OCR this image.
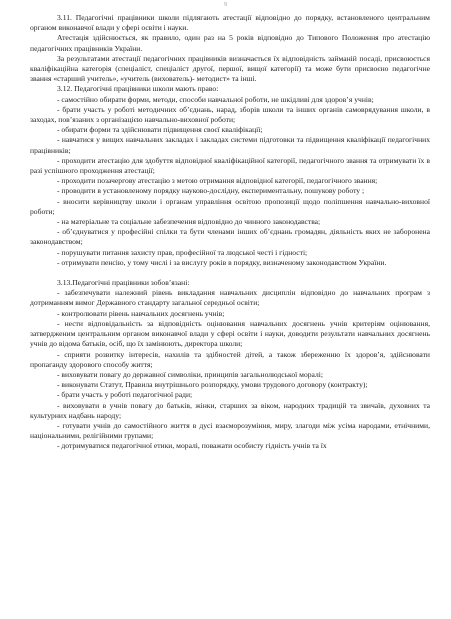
9

3.11. Педагогічні працівники школи підлягають атестації відповідно до порядку, встановленого центральним органом виконавчої влади у сфері освіти і науки.

Атестація здійснюється, як правило, один раз на 5 років відповідно до Типового Положення про атестацію педагогічних працівників України.

За результатами атестації педагогічних працівників визначається їх відповідність займаній посаді, присвоюється кваліфікаційна категорія (спеціаліст, спеціаліст другої, першої, вищої категорії) та може бути присвоєно педагогічне звання «старший учитель», «учитель (вихователь)- методист» та інші.

3.12. Педагогічні працівники школи мають право:

- самостійно обирати форми, методи, способи навчальної роботи, не шкідливі для здоров’я учнів;

- брати участь у роботі методичних об’єднань, нарад, зборів школи та інших органів самоврядування школи, в заходах, пов’язаних з організацією навчально-виховної роботи;

- обирати форми та здійснювати підвищення своєї кваліфікації;

- навчатися у вищих навчальних закладах і закладах системи підготовки та підвищення кваліфікації педагогічних працівників;

- проходити атестацію для здобуття відповідної кваліфікаційної категорії, педагогічного звання та отримувати їх в разі успішного проходження атестації;

- проходити позачергову атестацію з метою отримання відповідної категорії, педагогічного звання;

- проводити в установленому порядку науково-дослідну, експериментальну, пошукову роботу ;

- вносити керівництву школи і органам управління освітою пропозиції щодо поліпшення навчально-виховної роботи;

- на матеріальне та соціальне забезпечення відповідно до чинного законодавства;

- об’єднуватися у професійні спілки та бути членами інших об’єднань громадян, діяльність яких не заборонена законодавством;

- порушувати питання захисту прав, професійної та людської честі і гідності;

- отримувати пенсію, у тому числі і за вислугу років в порядку, визначеному законодавством України.

3.13.Педагогічні працівники зобов’язані:

- забезпечувати належний рівень викладання навчальних дисциплін відповідно до навчальних програм з дотриманням вимог Державного стандарту загальної середньої освіти;

- контролювати рівень навчальних досягнень учнів;

- нести відповідальність за відповідність оцінювання навчальних досягнень учнів критеріям оцінювання, затвердженим центральним органом виконавчої влади у сфері освіти і науки, доводити результати навчальних досягнень учнів до відома батьків, осіб, що їх замінюють, директора школи;

- сприяти розвитку інтересів, нахилів та здібностей дітей, а також збереженню їх здоров’я, здійснювати пропаганду здорового способу життя;

- виховувати повагу до державної символіки, принципів загальнолюдської моралі;

- виконувати Статут, Правила внутрішнього розпорядку, умови трудового договору (контракту);

- брати участь у роботі педагогічної ради;

- виховувати в учнів повагу до батьків, жінки, старших за віком, народних традицій та звичаїв, духовних та культурних надбань народу;

- готувати учнів до самостійного життя в дусі взаєморозуміння, миру, злагоди між усіма народами, етнічними, національними, релігійними групами;

- дотримуватися педагогічної етики, моралі, поважати особисту гідність учнів та їх
